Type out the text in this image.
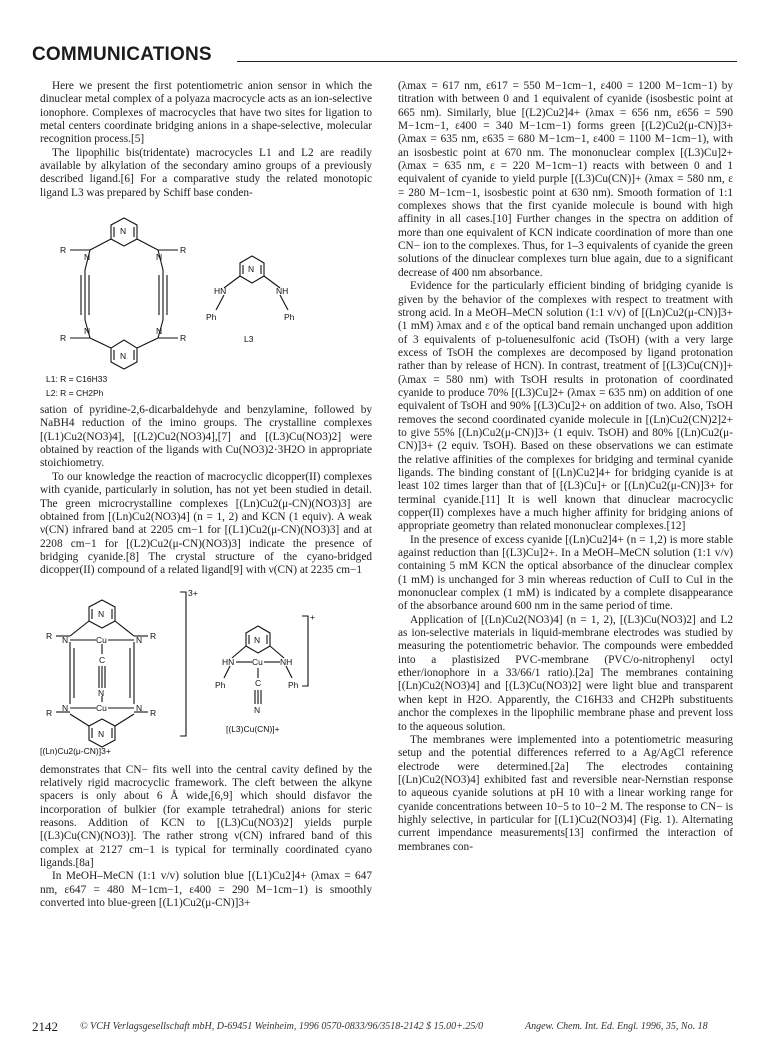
COMMUNICATIONS

Here we present the first potentiometric anion sensor in which the dinuclear metal complex of a polyaza macrocycle acts as an ion-selective ionophore. Complexes of macrocycles that have two sites for ligation to metal centers coordinate bridging anions in a shape-selective, molecular recognition process.[5]

The lipophilic bis(tridentate) macrocycles L1 and L2 are readily available by alkylation of the secondary amino groups of a previously described ligand.[6] For a comparative study the related monotopic ligand L3 was prepared by Schiff base conden-

N
R	R
N	N
N	N
R	R
N
N
HN	NH
Ph	Ph
L3
L1: R = C16H33
L2: R = CH2Ph

sation of pyridine-2,6-dicarbaldehyde and benzylamine, followed by NaBH4 reduction of the imino groups. The crystalline complexes [(L1)Cu2(NO3)4], [(L2)Cu2(NO3)4],[7] and [(L3)Cu(NO3)2] were obtained by reaction of the ligands with Cu(NO3)2·3H2O in appropriate stoichiometry.

To our knowledge the reaction of macrocyclic dicopper(II) complexes with cyanide, particularly in solution, has not yet been studied in detail. The green microcrystalline complexes [(Ln)Cu2(μ-CN)(NO3)3] are obtained from [(Ln)Cu2(NO3)4] (n = 1, 2) and KCN (1 equiv). A weak ν(CN) infrared band at 2205 cm−1 for [(L1)Cu2(μ-CN)(NO3)3] and at 2208 cm−1 for [(L2)Cu2(μ-CN)(NO3)3] indicate the presence of bridging cyanide.[8] The crystal structure of the cyano-bridged dicopper(II) compound of a related ligand[9] with ν(CN) at 2235 cm−1

3+
N
R	R
N	N
Cu
C
N
Cu
N	N
R	R
N
[(Ln)Cu2(μ-CN)]3+
+
N
HN	NH
Cu
Ph	Ph
C
N
[(L3)Cu(CN)]+

demonstrates that CN− fits well into the central cavity defined by the relatively rigid macrocyclic framework. The cleft between the alkyne spacers is only about 6 Å wide,[6,9] which should disfavor the incorporation of bulkier (for example tetrahedral) anions for steric reasons. Addition of KCN to [(L3)Cu(NO3)2] yields purple [(L3)Cu(CN)(NO3)]. The rather strong ν(CN) infrared band of this complex at 2127 cm−1 is typical for terminally coordinated cyano ligands.[8a]

In MeOH–MeCN (1:1 v/v) solution blue [(L1)Cu2]4+ (λmax = 647 nm, ε647 = 480 M−1cm−1, ε400 = 290 M−1cm−1) is smoothly converted into blue-green [(L1)Cu2(μ-CN)]3+

(λmax = 617 nm, ε617 = 550 M−1cm−1, ε400 = 1200 M−1cm−1) by titration with between 0 and 1 equivalent of cyanide (isosbestic point at 665 nm). Similarly, blue [(L2)Cu2]4+ (λmax = 656 nm, ε656 = 590 M−1cm−1, ε400 = 340 M−1cm−1) forms green [(L2)Cu2(μ-CN)]3+ (λmax = 635 nm, ε635 = 680 M−1cm−1, ε400 = 1100 M−1cm−1), with an isosbestic point at 670 nm. The mononuclear complex [(L3)Cu]2+ (λmax = 635 nm, ε = 220 M−1cm−1) reacts with between 0 and 1 equivalent of cyanide to yield purple [(L3)Cu(CN)]+ (λmax = 580 nm, ε = 280 M−1cm−1, isosbestic point at 630 nm). Smooth formation of 1:1 complexes shows that the first cyanide molecule is bound with high affinity in all cases.[10] Further changes in the spectra on addition of more than one equivalent of KCN indicate coordination of more than one CN− ion to the complexes. Thus, for 1–3 equivalents of cyanide the green solutions of the dinuclear complexes turn blue again, due to a significant decrease of 400 nm absorbance.

Evidence for the particularly efficient binding of bridging cyanide is given by the behavior of the complexes with respect to treatment with strong acid. In a MeOH–MeCN solution (1:1 v/v) of [(Ln)Cu2(μ-CN)]3+ (1 mM) λmax and ε of the optical band remain unchanged upon addition of 3 equivalents of p-toluenesulfonic acid (TsOH) (with a very large excess of TsOH the complexes are decomposed by ligand protonation rather than by release of HCN). In contrast, treatment of [(L3)Cu(CN)]+ (λmax = 580 nm) with TsOH results in protonation of coordinated cyanide to produce 70% [(L3)Cu]2+ (λmax = 635 nm) on addition of one equivalent of TsOH and 90% [(L3)Cu]2+ on addition of two. Also, TsOH removes the second coordinated cyanide molecule in [(Ln)Cu2(CN)2]2+ to give 55% [(Ln)Cu2(μ-CN)]3+ (1 equiv. TsOH) and 80% [(Ln)Cu2(μ-CN)]3+ (2 equiv. TsOH). Based on these observations we can estimate the relative affinities of the complexes for bridging and terminal cyanide ligands. The binding constant of [(Ln)Cu2]4+ for bridging cyanide is at least 102 times larger than that of [(L3)Cu]+ or [(Ln)Cu2(μ-CN)]3+ for terminal cyanide.[11] It is well known that dinuclear macrocyclic copper(II) complexes have a much higher affinity for bridging anions of appropriate geometry than related mononuclear complexes.[12]

In the presence of excess cyanide [(Ln)Cu2]4+ (n = 1,2) is more stable against reduction than [(L3)Cu]2+. In a MeOH–MeCN solution (1:1 v/v) containing 5 mM KCN the optical absorbance of the dinuclear complex (1 mM) is unchanged for 3 min whereas reduction of CuII to CuI in the mononuclear complex (1 mM) is indicated by a complete disappearance of the absorbance around 600 nm in the same period of time.

Application of [(Ln)Cu2(NO3)4] (n = 1, 2), [(L3)Cu(NO3)2] and L2 as ion-selective materials in liquid-membrane electrodes was studied by measuring the potentiometric behavior. The compounds were embedded into a plastisized PVC-membrane (PVC/o-nitrophenyl octyl ether/ionophore in a 33/66/1 ratio).[2a] The membranes containing [(Ln)Cu2(NO3)4] and [(L3)Cu(NO3)2] were light blue and transparent when kept in H2O. Apparently, the C16H33 and CH2Ph substituents anchor the complexes in the lipophilic membrane phase and prevent loss to the aqueous solution.

The membranes were implemented into a potentiometric measuring setup and the potential differences referred to a Ag/AgCl reference electrode were determined.[2a] The electrodes containing [(Ln)Cu2(NO3)4] exhibited fast and reversible near-Nernstian response to aqueous cyanide solutions at pH 10 with a linear working range for cyanide concentrations between 10−5 to 10−2 M. The response to CN− is highly selective, in particular for [(L1)Cu2(NO3)4] (Fig. 1). Alternating current impendance measurements[13] confirmed the interaction of membranes con-

2142 © VCH Verlagsgesellschaft mbH, D-69451 Weinheim, 1996 0570-0833/96/3518-2142 $ 15.00+.25/0	Angew. Chem. Int. Ed. Engl. 1996, 35, No. 18
